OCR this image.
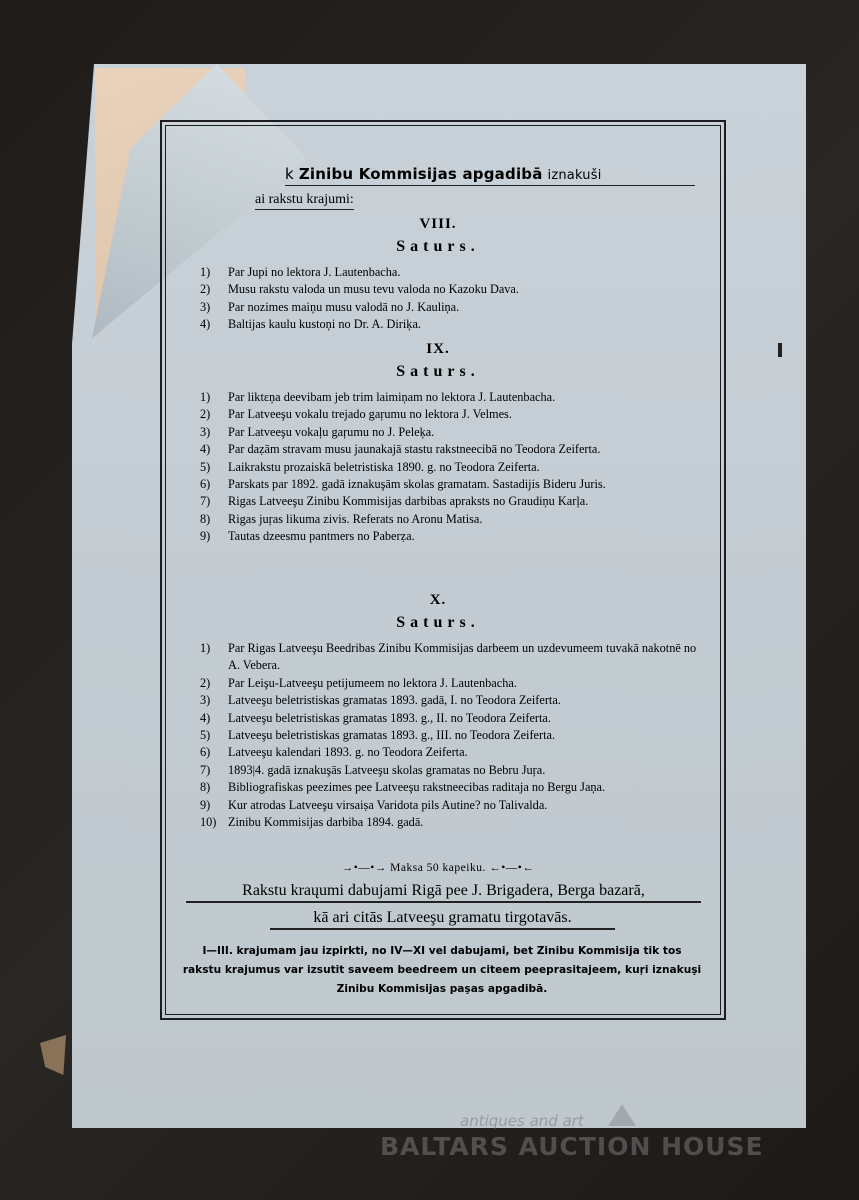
k Zinibu Kommisijas apgadibā iznakuši
ai rakstu krajumi:
VIII.
Saturs.
1)	Par Jupi no lektora J. Lautenbacha.
2)	Musu rakstu valoda un musu tevu valoda no Kazoku Dava.
3)	Par nozimes maiņu musu valodā no J. Kauliņa.
4)	Baltijas kaulu kustoņi no Dr. A. Diriķa.
IX.
Saturs.
1)	Par liktεņa deevibam jeb trim laimiņam no lektora J. Lautenbacha.
2)	Par Latveeşu vokalu trejado gaŗumu no lektora J. Velmes.
3)	Par Latveeşu vokaļu gaŗumu no J. Peleķa.
4)	Par daẓām stravam musu jaunakajā stastu rakstneecibā no Teodora Zeiferta.
5)	Laikrakstu prozaiskā beletristiska 1890. g. no Teodora Zeiferta.
6)	Parskats par 1892. gadā iznakuşām skolas gramatam. Sastadijis Bideru Juris.
7)	Rigas Latveeşu Zinibu Kommisijas darbibas apraksts no Graudiņu Karļa.
8)	Rigas juŗas likuma zivis. Referats no Aronu Matisa.
9)	Tautas dzeesmu pantmers no Paberẓa.
X.
Saturs.
1)	Par Rigas Latveeşu Beedribas Zinibu Kommisijas darbeem un uzdevumeem tuvakā nakotnē no A. Vebera.
2)	Par Leişu-Latveeşu petijumeem no lektora J. Lautenbacha.
3)	Latveeşu beletristiskas gramatas 1893. gadā, I. no Teodora Zeiferta.
4)	Latveeşu beletristiskas gramatas 1893. g., II. no Teodora Zeiferta.
5)	Latveeşu beletristiskas gramatas 1893. g., III. no Teodora Zeiferta.
6)	Latveeşu kalendari 1893. g. no Teodora Zeiferta.
7)	1893|4. gadā iznakuşās Latveeşu skolas gramatas no Bebru Juŗa.
8)	Bibliografiskas peezimes pee Latveeşu rakstneecibas raditaja no Bergu Jaņa.
9)	Kur atrodas Latveeşu virsaiṣa Varidota pils Autine? no Talivalda.
10) Zinibu Kommisijas darbiba 1894. gadā.
→•—•→ Maksa 50 kapeiku. ←•—•←
Rakstu kraųumi dabujami Rigā pee J. Brigadera, Berga bazarā,
kā ari citās Latveeşu gramatu tirgotavās.
I—III. krajumam jau izpirkti, no IV—XI vel dabujami, bet Zinibu Kommisija tik tos rakstu krajumus var izsutit saveem beedreem un citeem peeprasitajeem, kuŗi iznakuşi Zinibu Kommisijas paşas apgadibā.
antiques and art
BALTARS AUCTION HOUSE
